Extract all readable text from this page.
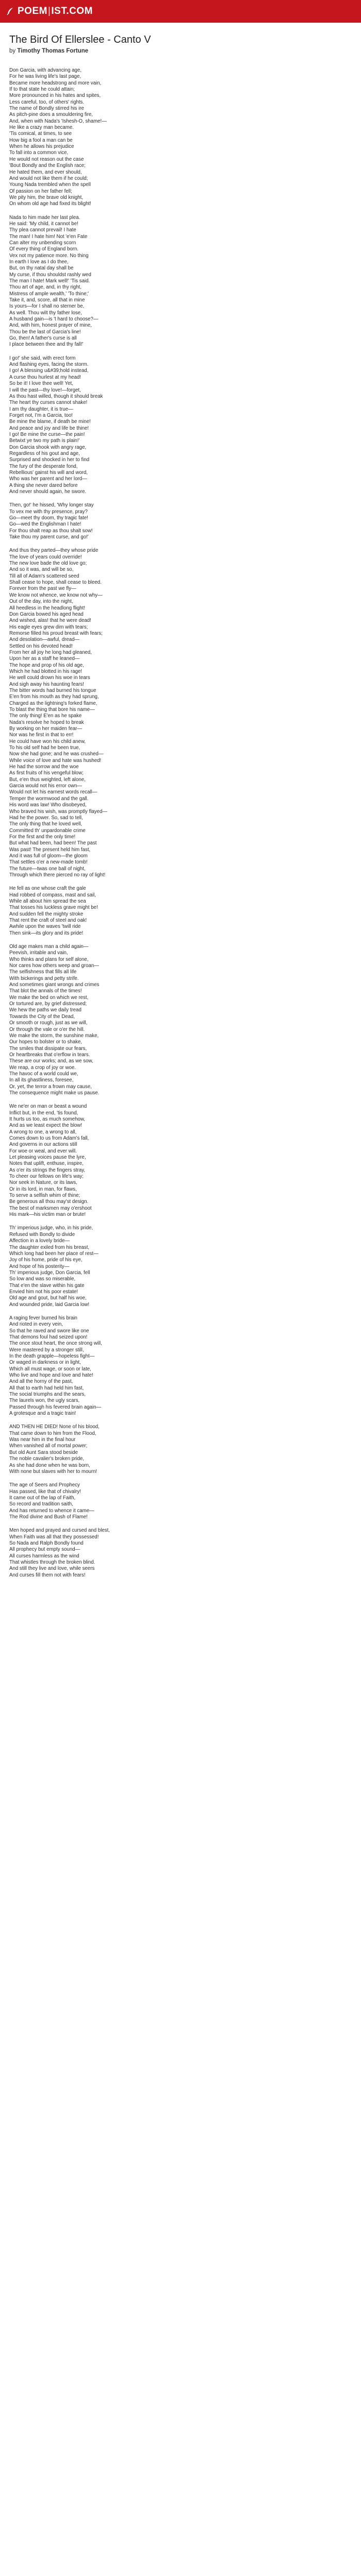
POEM | IST.COM
The Bird Of Ellerslee - Canto V

by Timothy Thomas Fortune

Don Garcia, with advancing age,
For he was living life's last page,
Became more headstrong and more vain,
If to that state he could attain;
More pronounced in his hates and spites,
Less careful, too, of others' rights.
The name of Bondly stirred his ire
As pitch-pine does a smouldering fire,
And, when with Nada's 'Ishesh-O, shame!—
He like a crazy man became.
'Tis comical, at times, to see
How big a fool a man can be
When he allows his prejudice
To fall into a common vice,
He would not reason out the case
'Bout Bondly and the English race;
He hated them, and ever should,
And would not like them if he could;
Young Nada trembled when the spell
Of passion on her father fell;
We pity him, the brave old knight,
On whom old age had fixed its blight!
Nada to him made her last plea.
He said: 'My child, it cannot be!
Thy plea cannot prevail! I hate
The man! I hate him! Not 'e'en Fate
Can alter my unbending scorn
Of every thing of England born.
Vex not my patience more. No thing
In earth I love as I do thee,
But, on thy natal day shall be
My curse, if thou shouldst rashly wed
The man I hate! Mark well!' 'Tis said.
Thou art of age, and, in thy right,
Mistress of ample wealth,' 'To thine;'
Take it, and, score, all that in mine
Is yours—for I shall no sterner be,
As well. Thou wilt thy father lose,
A husband gain—is 't hard to choose?—
And, with him, honest prayer of mine,
Thou be the last of Garcia's line!
Go, then! A father's curse is all
I place between thee and thy fall!'
I go!' she said, with erect form
And flashing eyes, facing the storm.
I go! A blessing u&#39;hold instead,
A curse thou hurlest at my head!
So be it! I love thee well! Yet,
I will the past—thy love!—forget,
As thou hast willed, though it should break
The heart thy curses cannot shake!
I am thy daughter, it is true—
Forget not, I'm a Garcia, too!
Be mine the blame, if death be mine!
And peace and joy and life be thine!
I go! Be mine the curse—the pain!
Betwixt ye two my path is plain!'
Don Garcia shook with angry rage,
Regardless of his gout and age,
Surprised and shocked in her to find
The fury of the desperate fond,
Rebellious' gainst his will and word,
Who was her parent and her lord—
A thing she never dared before
And never should again, he swore.
Then, go!' he hissed, 'Why longer stay
To vex me with thy presence, pray?
Go—meet thy doom, thy tragic fate!
Go—wed the Englishman I hate!
For thou shalt reap as thou shalt sow!
Take thou my parent curse, and go!'
And thus they parted—they whose pride
The love of years could override!
The new love bade the old love go;
And so it was, and will be so,
Till all of Adam's scattered seed
Shall cease to hope, shall cease to bleed.
Forever from the past we fly—
We know not whence, we know not why—
Out of the day, into the night,
All heedless in the headlong flight!
Don Garcia bowed his aged head
And wished, alas! that he were dead!
His eagle eyes grew dim with tears;
Remorse filled his proud breast with fears;
And desolation—awful, dread—
Settled on his devoted head!
From her all joy he long had gleaned,
Upon her as a staff he leaned—
The hope and prop of his old age,
Which he had blotted in his rage!
He well could drown his woe in tears
And sigh away his haunting fears!
The bitter words had burned his tongue
E'en from his mouth as they had sprung,
Charged as the lightning's forked flame,
To blast the thing that bore his name—
The only thing! E'en as he spake
Nada's resolve he hoped to break
By working on her maiden fear—
Nor was he first in that to err!
He could have won his child anew,
To his old self had he been true,
Now she had gone; and he was crushed—
While voice of love and hate was hushed!
He had the sorrow and the woe
As first fruits of his vengeful blow;
But, e'en thus weighted, left alone,
Garcia would not his error own—
Would not let his earnest words recall—
Temper the wormwood and the gall.
His word was law! Who disobeyed,
Who braved his wish, was promptly flayed—
Had he the power. So, sad to tell,
The only thing that he loved well,
Committed th' unpardonable crime
For the first and the only time!
But what had been, had been! The past
Was past! The present held him fast,
And it was full of gloom—the gloom
That settles o'er a new-made tomb!
The future—twas one ball of night,
Through which there pierced no ray of light!
He fell as one whose craft the gale
Had robbed of compass, mast and sail,
While all about him spread the sea
That tosses his luckless grave might be!
And sudden fell the mighty stroke
That rent the craft of steel and oak!
Awhile upon the waves 'twill ride
Then sink—its glory and its pride!
Old age makes man a child again—
Peevish, irritable and vain,
Who thinks and plans for self alone,
Nor cares how others weep and groan—
The selfishness that fills all life
With bickerings and petty strife.
And sometimes giant wrongs and crimes
That blot the annals of the times!
We make the bed on which we rest,
Or tortured are, by grief distressed;
We hew the paths we daily tread
Towards the City of the Dead,
Or smooth or rough, just as we will,
Or through the vale or o'er the hill.
We make the storm, the sunshine make,
Our hopes to bolster or to shake,
The smiles that dissipate our fears,
Or heartbreaks that o'erflow in tears.
These are our works; and, as we sow,
We reap, a crop of joy or woe.
The havoc of a world could we,
In all its ghastliness, foresee,
Or, yet, the terror a frown may cause,
The consequence might make us pause.
We ne'er on man or beast a wound
Inflict but, in the end, 'tis found,
It hurts us too, as much somehow,
And as we least expect the blow!
A wrong to one, a wrong to all,
Comes down to us from Adam's fall,
And governs in our actions still
For woe or weal, and ever will.
Let pleasing voices pause the lyre,
Notes that uplift, enthuse, inspire,
As o'er its strings the fingers stray,
To cheer our fellows on life's way;
Nor seek in Nature, or its laws,
Or in its lord, in man, for flaws,
To serve a selfish whim of thine;
Be generous all thou may'st design.
The best of marksmen may o'ershoot
His mark—his victim man or brute!
Th' imperious judge, who, in his pride,
Refused with Bondly to divide
Affection in a lovely bride—
The daughter exiled from his breast,
Which long had been her place of rest—
Joy of his home, pride of his eye,
And hope of his posterity—
Th' imperious judge, Don Garcia, fell
So low and was so miserable,
That e'en the slave within his gate
Envied him not his poor estate!
Old age and gout, but half his woe,
And wounded pride, laid Garcia low!
A raging fever burned his brain
And rioted in every vein,
So that he raved and swore like one
That demons foul had seized upon!
The once stout heart, the once strong will,
Were mastered by a stronger still,
In the death grapple—hopeless fight—
Or waged in darkness or in light,
Which all must wage, or soon or late,
Who live and hope and love and hate!
And all the horny of the past,
All that to earth had held him fast,
The social triumphs and the sears,
The laurels won, the ugly scars,
Passed through his fevered brain again—
A grotesque and a tragic train!
AND THEN HE DIED! None of his blood,
That came down to him from the Flood,
Was near him in the final hour
When vanished all of mortal power;
But old Aunt Sara stood beside
The noble cavalier's broken pride,
As she had done when he was born,
With none but slaves with her to mourn!
The age of Seers and Prophecy
Has passed, like that of chivalry!
It came out of the lap of Faith,
So record and tradition saith,
And has returned to whence it came—
The Rod divine and Bush of Flame!
Men hoped and prayed and cursed and blest,
When Faith was all that they possessed!
So Nada and Ralph Bondly found
All prophecy but empty sound—
All curses harmless as the wind
That whistles through the broken blind.
And still they live and love, while seers
And curses fill them not with fears!
